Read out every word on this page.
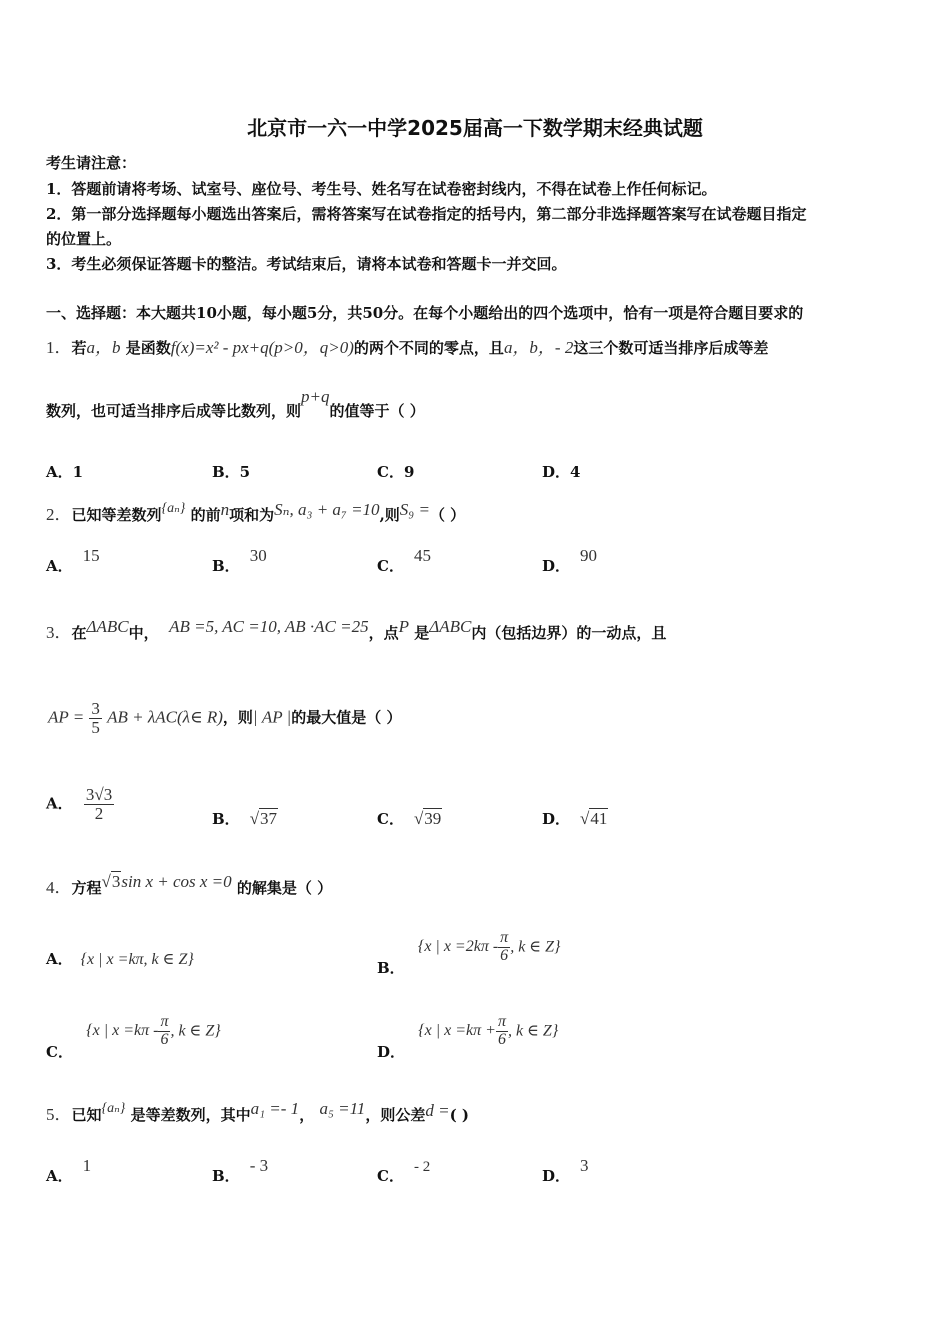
北京市一六一中学2025届高一下数学期末经典试题
考生请注意：
1．答题前请将考场、试室号、座位号、考生号、姓名写在试卷密封线内，不得在试卷上作任何标记。
2．第一部分选择题每小题选出答案后，需将答案写在试卷指定的括号内，第二部分非选择题答案写在试卷题目指定
的位置上。
3．考生必须保证答题卡的整洁。考试结束后，请将本试卷和答题卡一并交回。
一、选择题：本大题共10小题，每小题5分，共50分。在每个小题给出的四个选项中，恰有一项是符合题目要求的
1．若a，b 是函数f(x)=x² - px+q(p>0，q>0)的两个不同的零点，且a，b，- 2这三个数可适当排序后成等差
数列，也可适当排序后成等比数列，则p+q的值等于（ ）
A．1	B．5	C．9	D．4
2．已知等差数列{aₙ} 的前n项和为Sₙ, a₃ + a₇ =10,则S₉ =（ ）
A．15
B．30
C．45
D．90
3．在ΔABC中， AB =5, AC =10, AB ·AC =25，点P 是ΔABC内（包括边界）的一动点，且
AP = $\frac{3}{5}$ AB + λAC(λ∈ R)，则| AP |的最大值是（ ）
A． $\frac{3√3}{2}$	B． √37	C． √39	D． √41
4．方程√3sin x + cos x =0 的解集是（ ）
A． {x | x =kπ, k ∈ Z}	B． {x | $x =2k\pi - \frac{\pi}{6}$ , k ∈ Z}
C． {x | $x =k\pi - \frac{\pi}{6}$ , k ∈ Z}
D． {x | $x =k\pi + \frac{\pi}{6}$ , k ∈ Z}
5．已知{aₙ} 是等差数列，其中a₁ =- 1， a₅ =11，则公差d =( )
A．1
B．- 3
C． - 2	D．3
